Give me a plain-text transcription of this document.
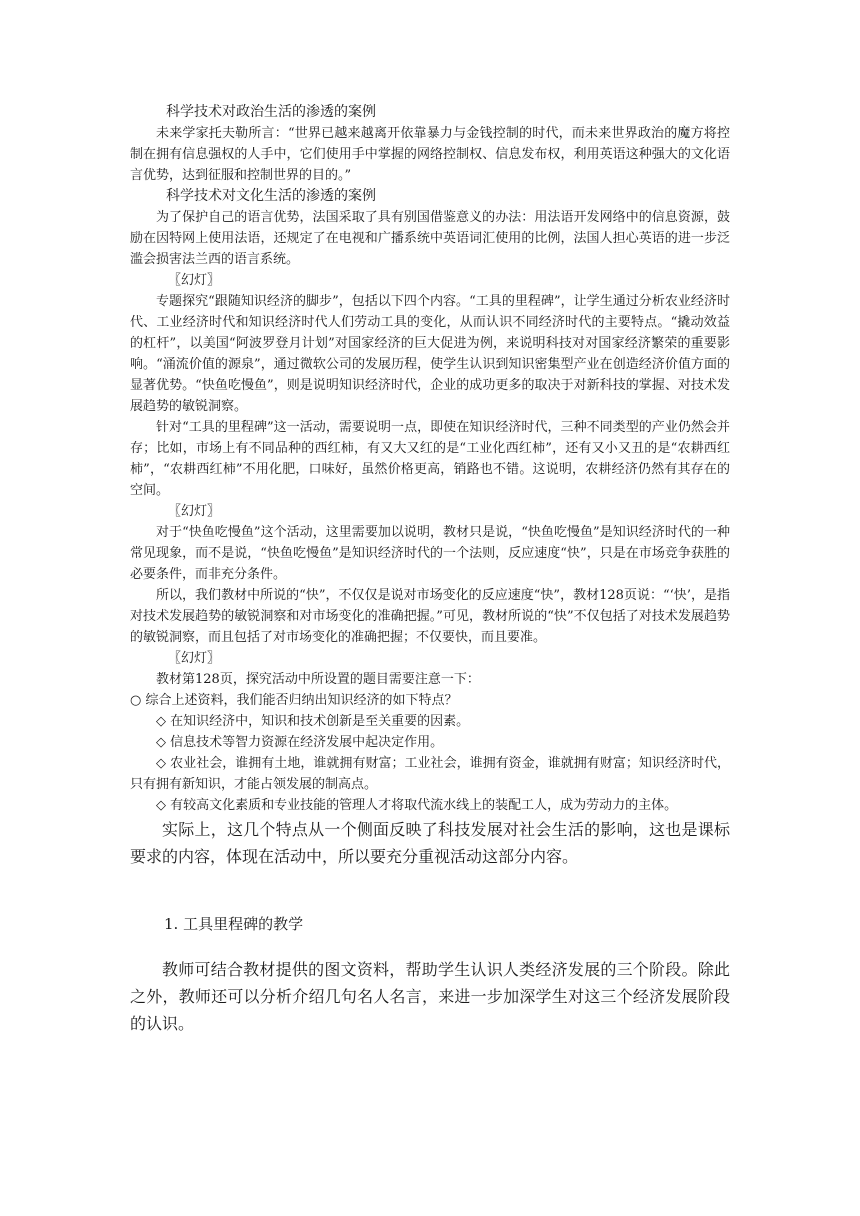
科学技术对政治生活的渗透的案例

未来学家托夫勒所言：“世界已越来越离开依靠暴力与金钱控制的时代，而未来世界政治的魔方将控制在拥有信息强权的人手中，它们使用手中掌握的网络控制权、信息发布权，利用英语这种强大的文化语言优势，达到征服和控制世界的目的。”

科学技术对文化生活的渗透的案例

为了保护自己的语言优势，法国采取了具有别国借鉴意义的办法：用法语开发网络中的信息资源，鼓励在因特网上使用法语，还规定了在电视和广播系统中英语词汇使用的比例，法国人担心英语的进一步泛滥会损害法兰西的语言系统。

〖幻灯〗

专题探究“跟随知识经济的脚步”，包括以下四个内容。“工具的里程碑”，让学生通过分析农业经济时代、工业经济时代和知识经济时代人们劳动工具的变化，从而认识不同经济时代的主要特点。“撬动效益的杠杆”，以美国“阿波罗登月计划”对国家经济的巨大促进为例，来说明科技对对国家经济繁荣的重要影响。“涌流价值的源泉”，通过微软公司的发展历程，使学生认识到知识密集型产业在创造经济价值方面的显著优势。“快鱼吃慢鱼”，则是说明知识经济时代，企业的成功更多的取决于对新科技的掌握、对技术发展趋势的敏锐洞察。

针对“工具的里程碑”这一活动，需要说明一点，即使在知识经济时代，三种不同类型的产业仍然会并存；比如，市场上有不同品种的西红柿，有又大又红的是“工业化西红柿”，还有又小又丑的是“农耕西红柿”，“农耕西红柿”不用化肥，口味好，虽然价格更高，销路也不错。这说明，农耕经济仍然有其存在的空间。

〖幻灯〗

对于“快鱼吃慢鱼”这个活动，这里需要加以说明，教材只是说，“快鱼吃慢鱼”是知识经济时代的一种常见现象，而不是说，“快鱼吃慢鱼”是知识经济时代的一个法则，反应速度“快”，只是在市场竞争获胜的必要条件，而非充分条件。

所以，我们教材中所说的“快”，不仅仅是说对市场变化的反应速度“快”，教材128页说：“‘快’，是指对技术发展趋势的敏锐洞察和对市场变化的准确把握。”可见，教材所说的“快”不仅包括了对技术发展趋势的敏锐洞察，而且包括了对市场变化的准确把握；不仅要快，而且要准。

〖幻灯〗

教材第128页，探究活动中所设置的题目需要注意一下：

○ 综合上述资料，我们能否归纳出知识经济的如下特点？

◇ 在知识经济中，知识和技术创新是至关重要的因素。

◇ 信息技术等智力资源在经济发展中起决定作用。

◇ 农业社会，谁拥有土地，谁就拥有财富；工业社会，谁拥有资金，谁就拥有财富；知识经济时代，只有拥有新知识，才能占领发展的制高点。

◇ 有较高文化素质和专业技能的管理人才将取代流水线上的装配工人，成为劳动力的主体。

实际上，这几个特点从一个侧面反映了科技发展对社会生活的影响，这也是课标要求的内容，体现在活动中，所以要充分重视活动这部分内容。

1. 工具里程碑的教学

教师可结合教材提供的图文资料，帮助学生认识人类经济发展的三个阶段。除此之外，教师还可以分析介绍几句名人名言，来进一步加深学生对这三个经济发展阶段的认识。
